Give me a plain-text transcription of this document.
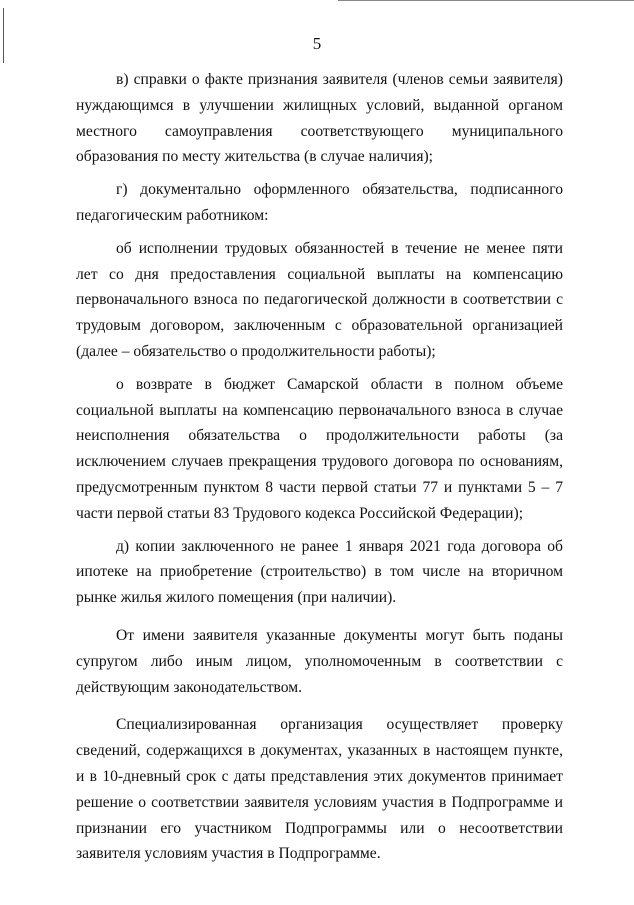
5

в) справки о факте признания заявителя (членов семьи заявителя) нуждающимся в улучшении жилищных условий, выданной органом местного самоуправления соответствующего муниципального образования по месту жительства (в случае наличия);

г) документально оформленного обязательства, подписанного педагогическим работником:

об исполнении трудовых обязанностей в течение не менее пяти лет со дня предоставления социальной выплаты на компенсацию первоначального взноса по педагогической должности в соответствии с трудовым договором, заключенным с образовательной организацией (далее – обязательство о продолжительности работы);

о возврате в бюджет Самарской области в полном объеме социальной выплаты на компенсацию первоначального взноса в случае неисполнения обязательства о продолжительности работы (за исключением случаев прекращения трудового договора по основаниям, предусмотренным пунктом 8 части первой статьи 77 и пунктами 5 – 7 части первой статьи 83 Трудового кодекса Российской Федерации);

д) копии заключенного не ранее 1 января 2021 года договора об ипотеке на приобретение (строительство) в том числе на вторичном рынке жилья жилого помещения (при наличии).

От имени заявителя указанные документы могут быть поданы супругом либо иным лицом, уполномоченным в соответствии с действующим законодательством.

Специализированная организация осуществляет проверку сведений, содержащихся в документах, указанных в настоящем пункте, и в 10-дневный срок с даты представления этих документов принимает решение о соответствии заявителя условиям участия в Подпрограмме и признании его участником Подпрограммы или о несоответствии заявителя условиям участия в Подпрограмме.
